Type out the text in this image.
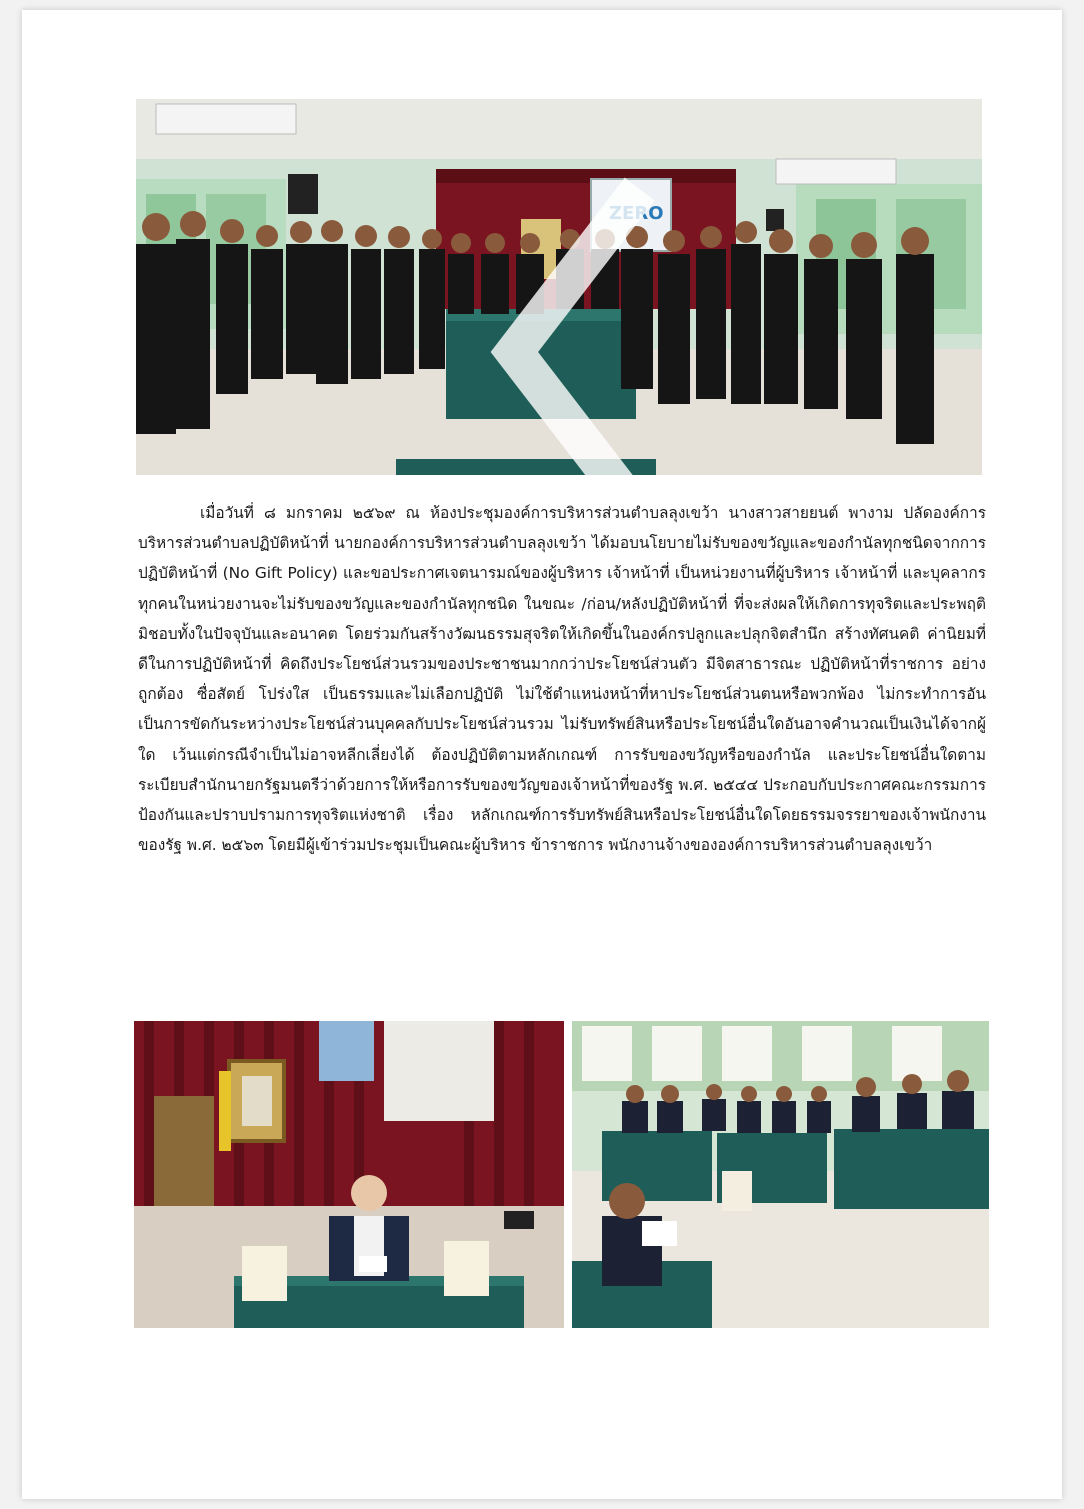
ZERO

เมื่อวันที่ ๘ มกราคม ๒๕๖๙ ณ ห้องประชุมองค์การบริหารส่วนตำบลลุงเขว้า นางสาวสายยนต์ พางาม ปลัดองค์การบริหารส่วนตำบลปฏิบัติหน้าที่ นายกองค์การบริหารส่วนตำบลลุงเขว้า ได้มอบนโยบายไม่รับของขวัญและของกำนัลทุกชนิดจากการปฏิบัติหน้าที่ (No Gift Policy) และขอประกาศเจตนารมณ์ของผู้บริหาร เจ้าหน้าที่ เป็นหน่วยงานที่ผู้บริหาร เจ้าหน้าที่ และบุคลากรทุกคนในหน่วยงานจะไม่รับของขวัญและของกำนัลทุกชนิด ในขณะ /ก่อน/หลังปฏิบัติหน้าที่ ที่จะส่งผลให้เกิดการทุจริตและประพฤติมิชอบทั้งในปัจจุบันและอนาคต โดยร่วมกันสร้างวัฒนธรรมสุจริตให้เกิดขึ้นในองค์กรปลูกและปลุกจิตสำนึก สร้างทัศนคติ ค่านิยมที่ดีในการปฏิบัติหน้าที่ คิดถึงประโยชน์ส่วนรวมของประชาชนมากกว่าประโยชน์ส่วนตัว มีจิตสาธารณะ ปฏิบัติหน้าที่ราชการ อย่างถูกต้อง ซื่อสัตย์ โปร่งใส เป็นธรรมและไม่เลือกปฏิบัติ ไม่ใช้ตำแหน่งหน้าที่หาประโยชน์ส่วนตนหรือพวกพ้อง ไม่กระทำการอันเป็นการขัดกันระหว่างประโยชน์ส่วนบุคคลกับประโยชน์ส่วนรวม ไม่รับทรัพย์สินหรือประโยชน์อื่นใดอันอาจคำนวณเป็นเงินได้จากผู้ใด เว้นแต่กรณีจำเป็นไม่อาจหลีกเลี่ยงได้ ต้องปฏิบัติตามหลักเกณฑ์ การรับของขวัญหรือของกำนัล และประโยชน์อื่นใดตามระเบียบสำนักนายกรัฐมนตรีว่าด้วยการให้หรือการรับของขวัญของเจ้าหน้าที่ของรัฐ พ.ศ. ๒๕๔๔ ประกอบกับประกาศคณะกรรมการป้องกันและปราบปรามการทุจริตแห่งชาติ เรื่อง หลักเกณฑ์การรับทรัพย์สินหรือประโยชน์อื่นใดโดยธรรมจรรยาของเจ้าพนักงานของรัฐ พ.ศ. ๒๕๖๓ โดยมีผู้เข้าร่วมประชุมเป็นคณะผู้บริหาร ข้าราชการ พนักงานจ้างขององค์การบริหารส่วนตำบลลุงเขว้า
